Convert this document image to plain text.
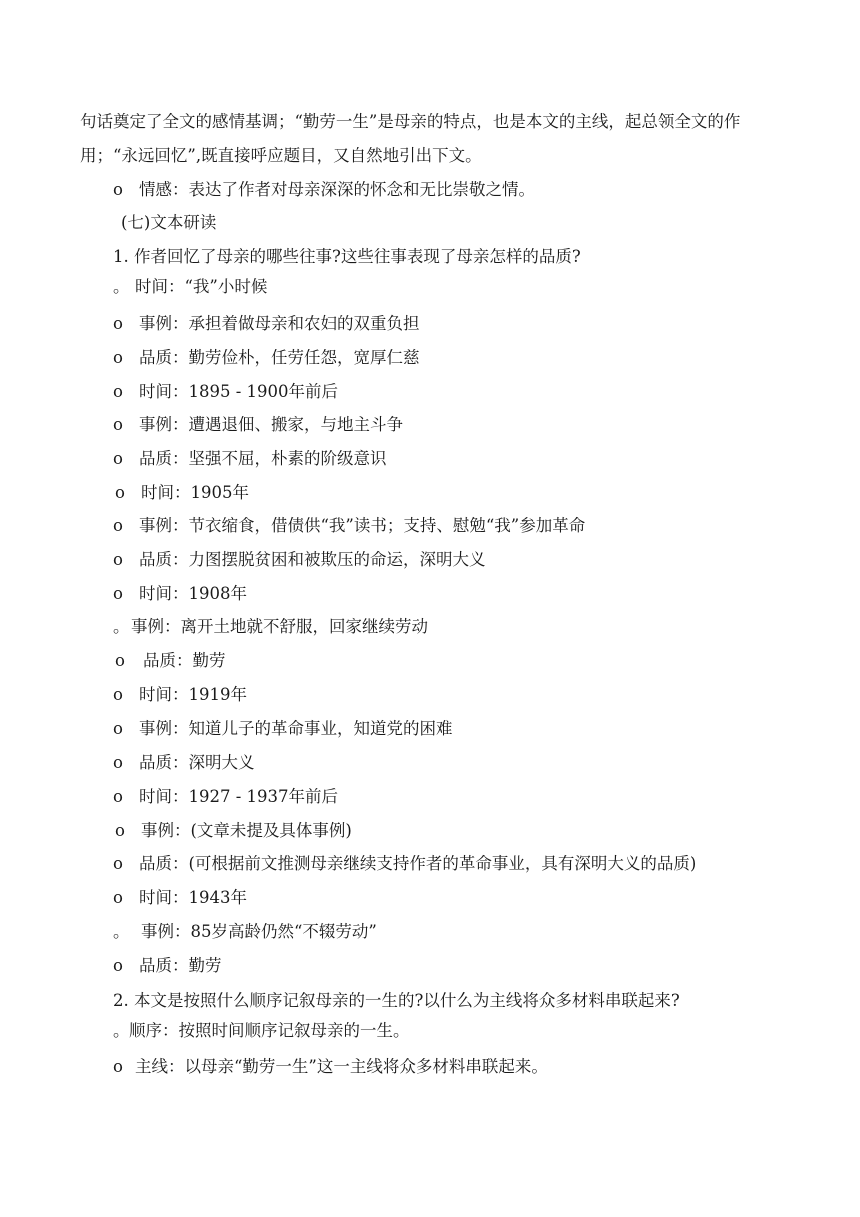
句话奠定了全文的感情基调；“勤劳一生”是母亲的特点，也是本文的主线，起总领全文的作
用；“永远回忆”,既直接呼应题目，又自然地引出下文。
o 情感：表达了作者对母亲深深的怀念和无比崇敬之情。
(七)文本研读
1. 作者回忆了母亲的哪些往事?这些往事表现了母亲怎样的品质?
。 时间：“我”小时候
o 事例：承担着做母亲和农妇的双重负担
o 品质：勤劳俭朴，任劳任怨，宽厚仁慈
o 时间：1895 - 1900年前后
o 事例：遭遇退佃、搬家，与地主斗争
o 品质：坚强不屈，朴素的阶级意识
o 时间：1905年
o 事例：节衣缩食，借债供“我”读书；支持、慰勉“我”参加革命
o 品质：力图摆脱贫困和被欺压的命运，深明大义
o 时间：1908年
。事例：离开土地就不舒服，回家继续劳动
o 品质：勤劳
o 时间：1919年
o 事例：知道儿子的革命事业，知道党的困难
o 品质：深明大义
o 时间：1927 - 1937年前后
o 事例：(文章未提及具体事例)
o 品质：(可根据前文推测母亲继续支持作者的革命事业，具有深明大义的品质)
o 时间：1943年
。 事例：85岁高龄仍然“不辍劳动”
o 品质：勤劳
2. 本文是按照什么顺序记叙母亲的一生的?以什么为主线将众多材料串联起来?
。顺序：按照时间顺序记叙母亲的一生。
o 主线：以母亲“勤劳一生”这一主线将众多材料串联起来。
